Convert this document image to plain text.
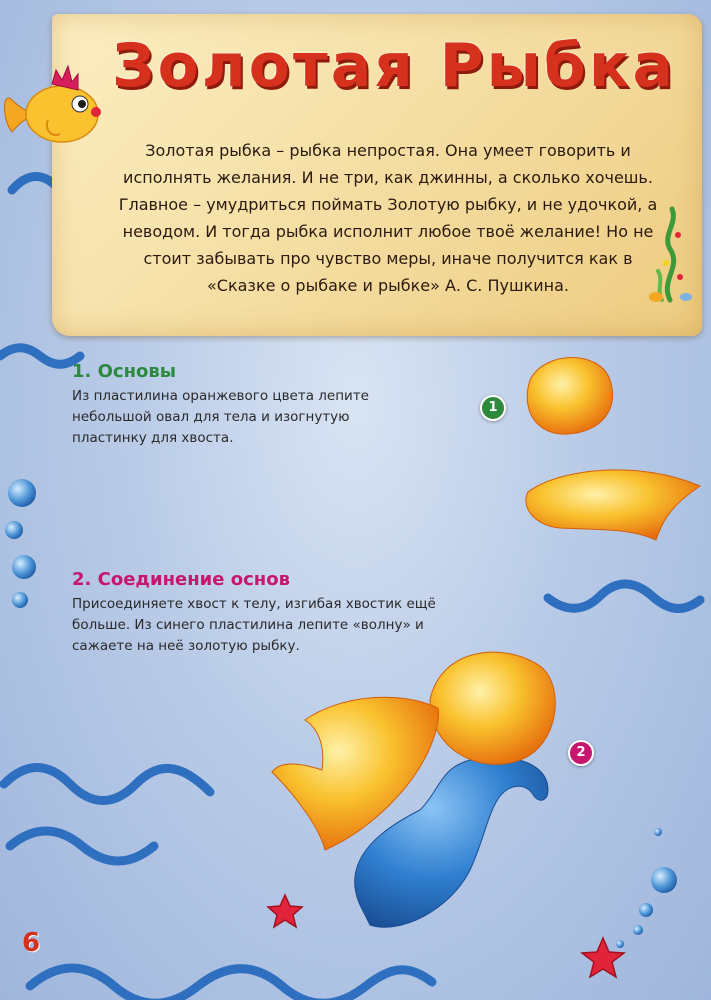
Золотая Рыбка

Золотая рыбка – рыбка непростая. Она умеет говорить и исполнять желания. И не три, как джинны, а сколько хочешь. Главное – умудриться поймать Золотую рыбку, и не удочкой, а неводом. И тогда рыбка исполнит любое твоё желание! Но не стоит забывать про чувство меры, иначе получится как в «Сказке о рыбаке и рыбке» А. С. Пушкина.

1. Основы

Из пластилина оранжевого цвета лепите небольшой овал для тела и изогнутую пластинку для хвоста.

1
2. Соединение основ

Присоединяете хвост к телу, изгибая хвостик ещё больше. Из синего пластилина лепите «волну» и сажаете на неё золотую рыбку.

2
6
